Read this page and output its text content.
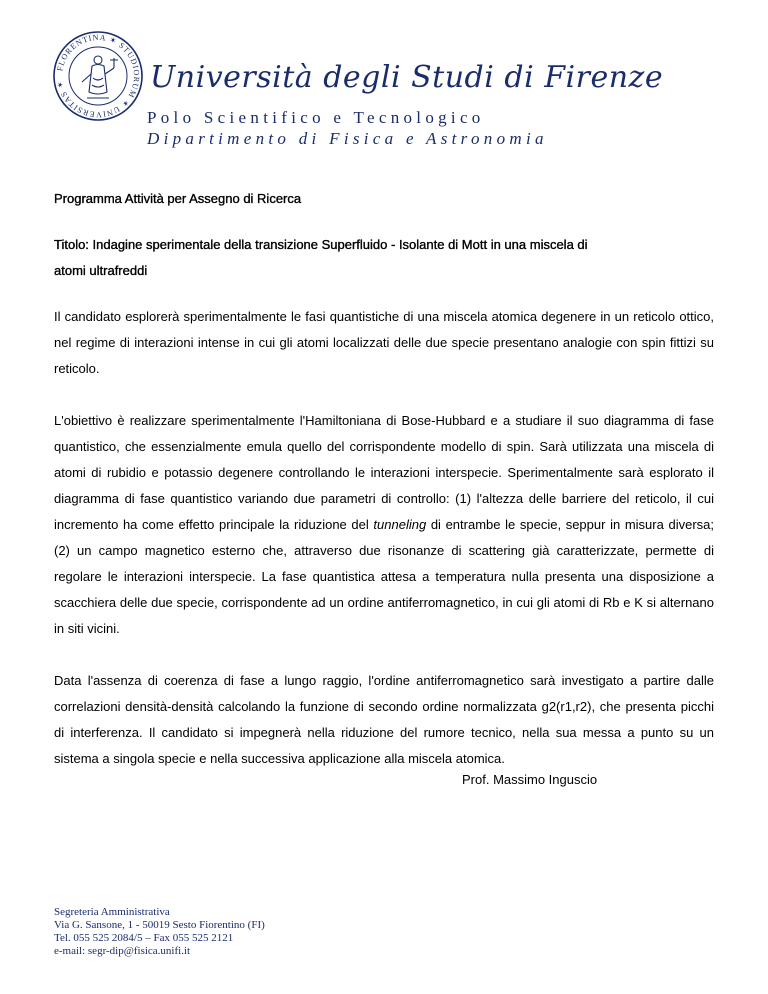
FLORENTINA ✶ STUDIORUM ✶ UNIVERSITAS ✶	Università degli Studi di Firenze
Polo Scientifico e Tecnologico
Dipartimento di Fisica e Astronomia
Programma Attività per Assegno di Ricerca
Titolo: Indagine sperimentale della transizione Superfluido - Isolante di Mott in una miscela di
atomi ultrafreddi

Il candidato esplorerà sperimentalmente le fasi quantistiche di una miscela atomica degenere in un reticolo ottico, nel regime di interazioni intense in cui gli atomi localizzati delle due specie presentano analogie con spin fittizi su reticolo.

L'obiettivo è realizzare sperimentalmente l'Hamiltoniana di Bose-Hubbard e a studiare il suo diagramma di fase quantistico, che essenzialmente emula quello del corrispondente modello di spin. Sarà utilizzata una miscela di atomi di rubidio e potassio degenere controllando le interazioni interspecie. Sperimentalmente sarà esplorato il diagramma di fase quantistico variando due parametri di controllo: (1) l'altezza delle barriere del reticolo, il cui incremento ha come effetto principale la riduzione del tunneling di entrambe le specie, seppur in misura diversa; (2) un campo magnetico esterno che, attraverso due risonanze di scattering già caratterizzate, permette di regolare le interazioni interspecie. La fase quantistica attesa a temperatura nulla presenta una disposizione a scacchiera delle due specie, corrispondente ad un ordine antiferromagnetico, in cui gli atomi di Rb e K si alternano in siti vicini.

Data l'assenza di coerenza di fase a lungo raggio, l'ordine antiferromagnetico sarà investigato a partire dalle correlazioni densità-densità calcolando la funzione di secondo ordine normalizzata g2(r1,r2), che presenta picchi di interferenza. Il candidato si impegnerà nella riduzione del rumore tecnico, nella sua messa a punto su un sistema a singola specie e nella successiva applicazione alla miscela atomica.

Prof. Massimo Inguscio
Segreteria Amministrativa
Via G. Sansone, 1 - 50019 Sesto Fiorentino (FI)
Tel. 055 525 2084/5 – Fax 055 525 2121
e-mail: segr-dip@fisica.unifi.it
